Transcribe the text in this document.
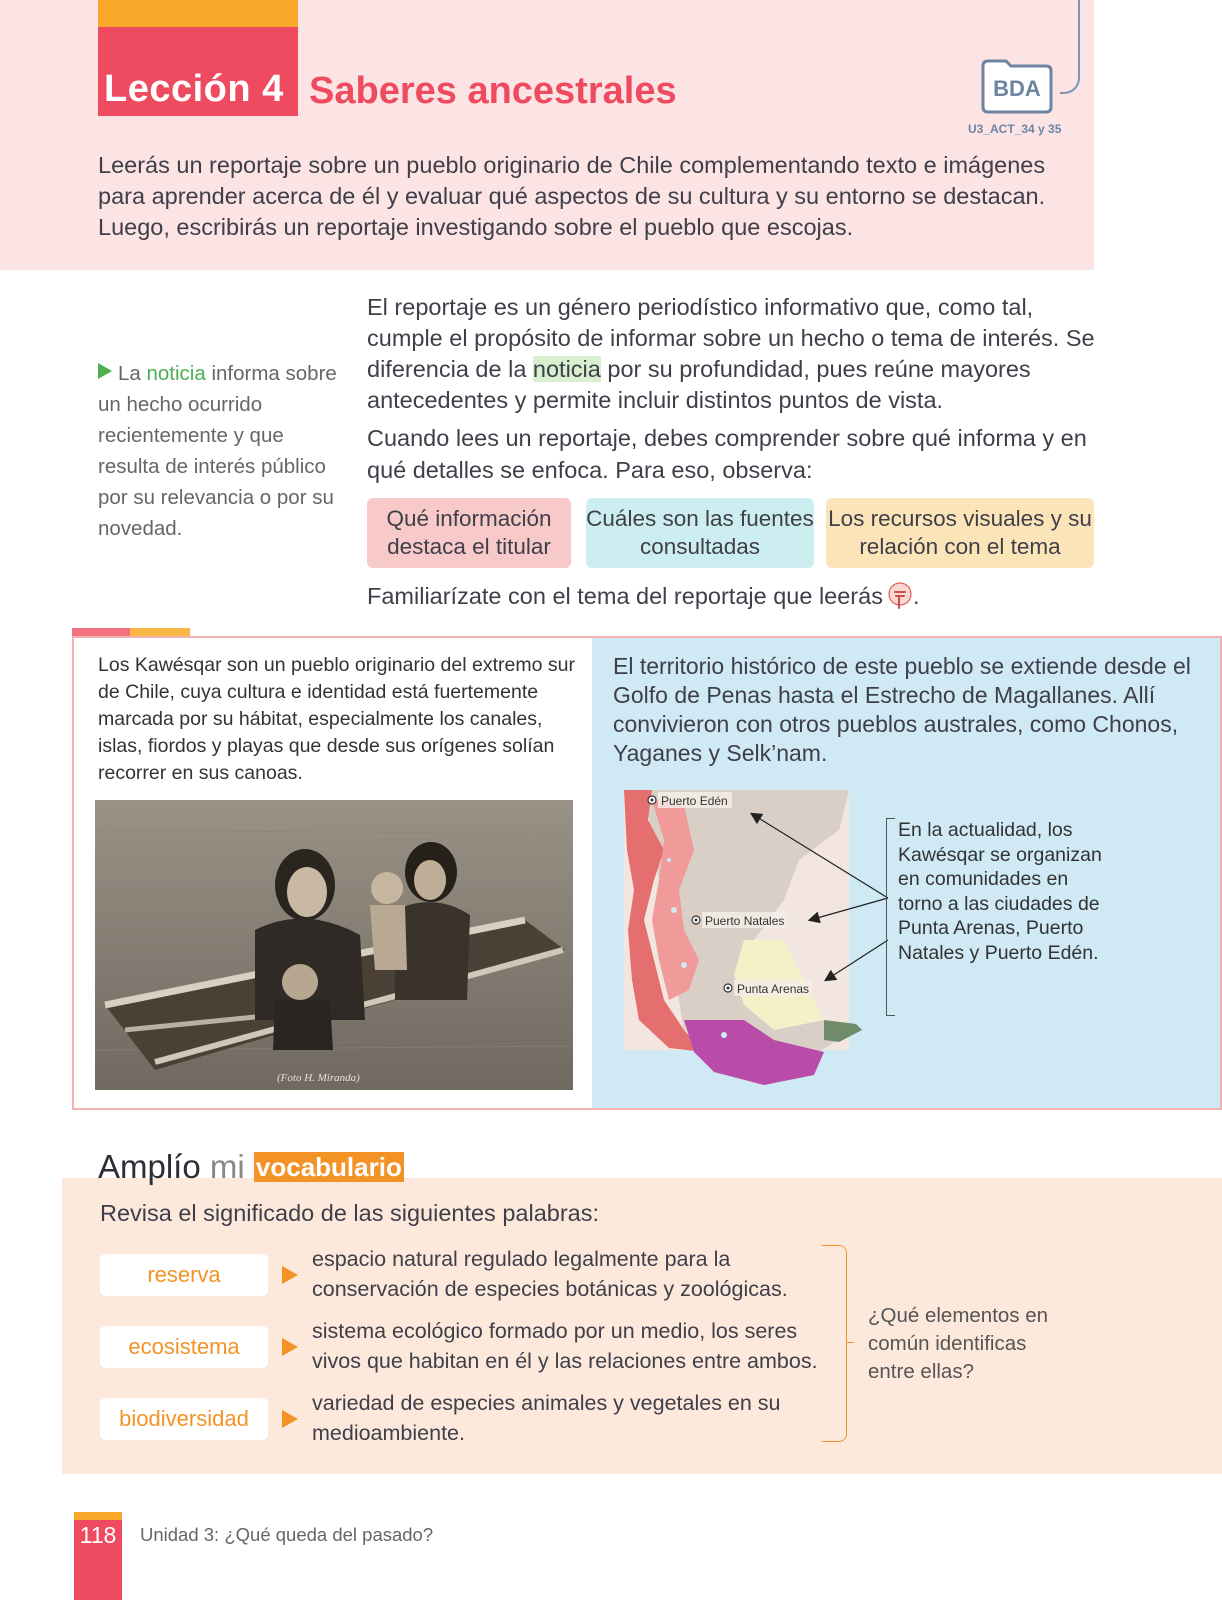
Lección 4 Saberes ancestrales	BDA
U3_ACT_34 y 35
Leerás un reportaje sobre un pueblo originario de Chile complementando texto e imágenes para aprender acerca de él y evaluar qué aspectos de su cultura y su entorno se destacan. Luego, escribirás un reportaje investigando sobre el pueblo que escojas.
La noticia informa sobre un hecho ocurrido recientemente y que resulta de interés público por su relevancia o por su novedad.
El reportaje es un género periodístico informativo que, como tal, cumple el propósito de informar sobre un hecho o tema de interés. Se diferencia de la noticia por su profundidad, pues reúne mayores antecedentes y permite incluir distintos puntos de vista.
Cuando lees un reportaje, debes comprender sobre qué informa y en qué detalles se enfoca. Para eso, observa:
Qué información destaca el titular
Cuáles son las fuentes consultadas
Los recursos visuales y su relación con el tema
Familiarízate con el tema del reportaje que leerás .
Los Kawésqar son un pueblo originario del extremo sur de Chile, cuya cultura e identidad está fuertemente marcada por su hábitat, especialmente los canales, islas, fiordos y playas que desde sus orígenes solían recorrer en sus canoas.
(Foto H. Miranda)
El territorio histórico de este pueblo se extiende desde el Golfo de Penas hasta el Estrecho de Magallanes. Allí convivieron con otros pueblos australes, como Chonos, Yaganes y Selk’nam.
Puerto Edén
Puerto Natales
Punta Arenas
En la actualidad, los Kawésqar se organizan en comunidades en torno a las ciudades de Punta Arenas, Puerto Natales y Puerto Edén.
Amplío mi vocabulario
Revisa el significado de las siguientes palabras:
reserva
espacio natural regulado legalmente para la conservación de especies botánicas y zoológicas.
ecosistema
sistema ecológico formado por un medio, los seres vivos que habitan en él y las relaciones entre ambos.
biodiversidad
variedad de especies animales y vegetales en su medioambiente.
¿Qué elementos en común identificas entre ellas?
118	Unidad 3: ¿Qué queda del pasado?
